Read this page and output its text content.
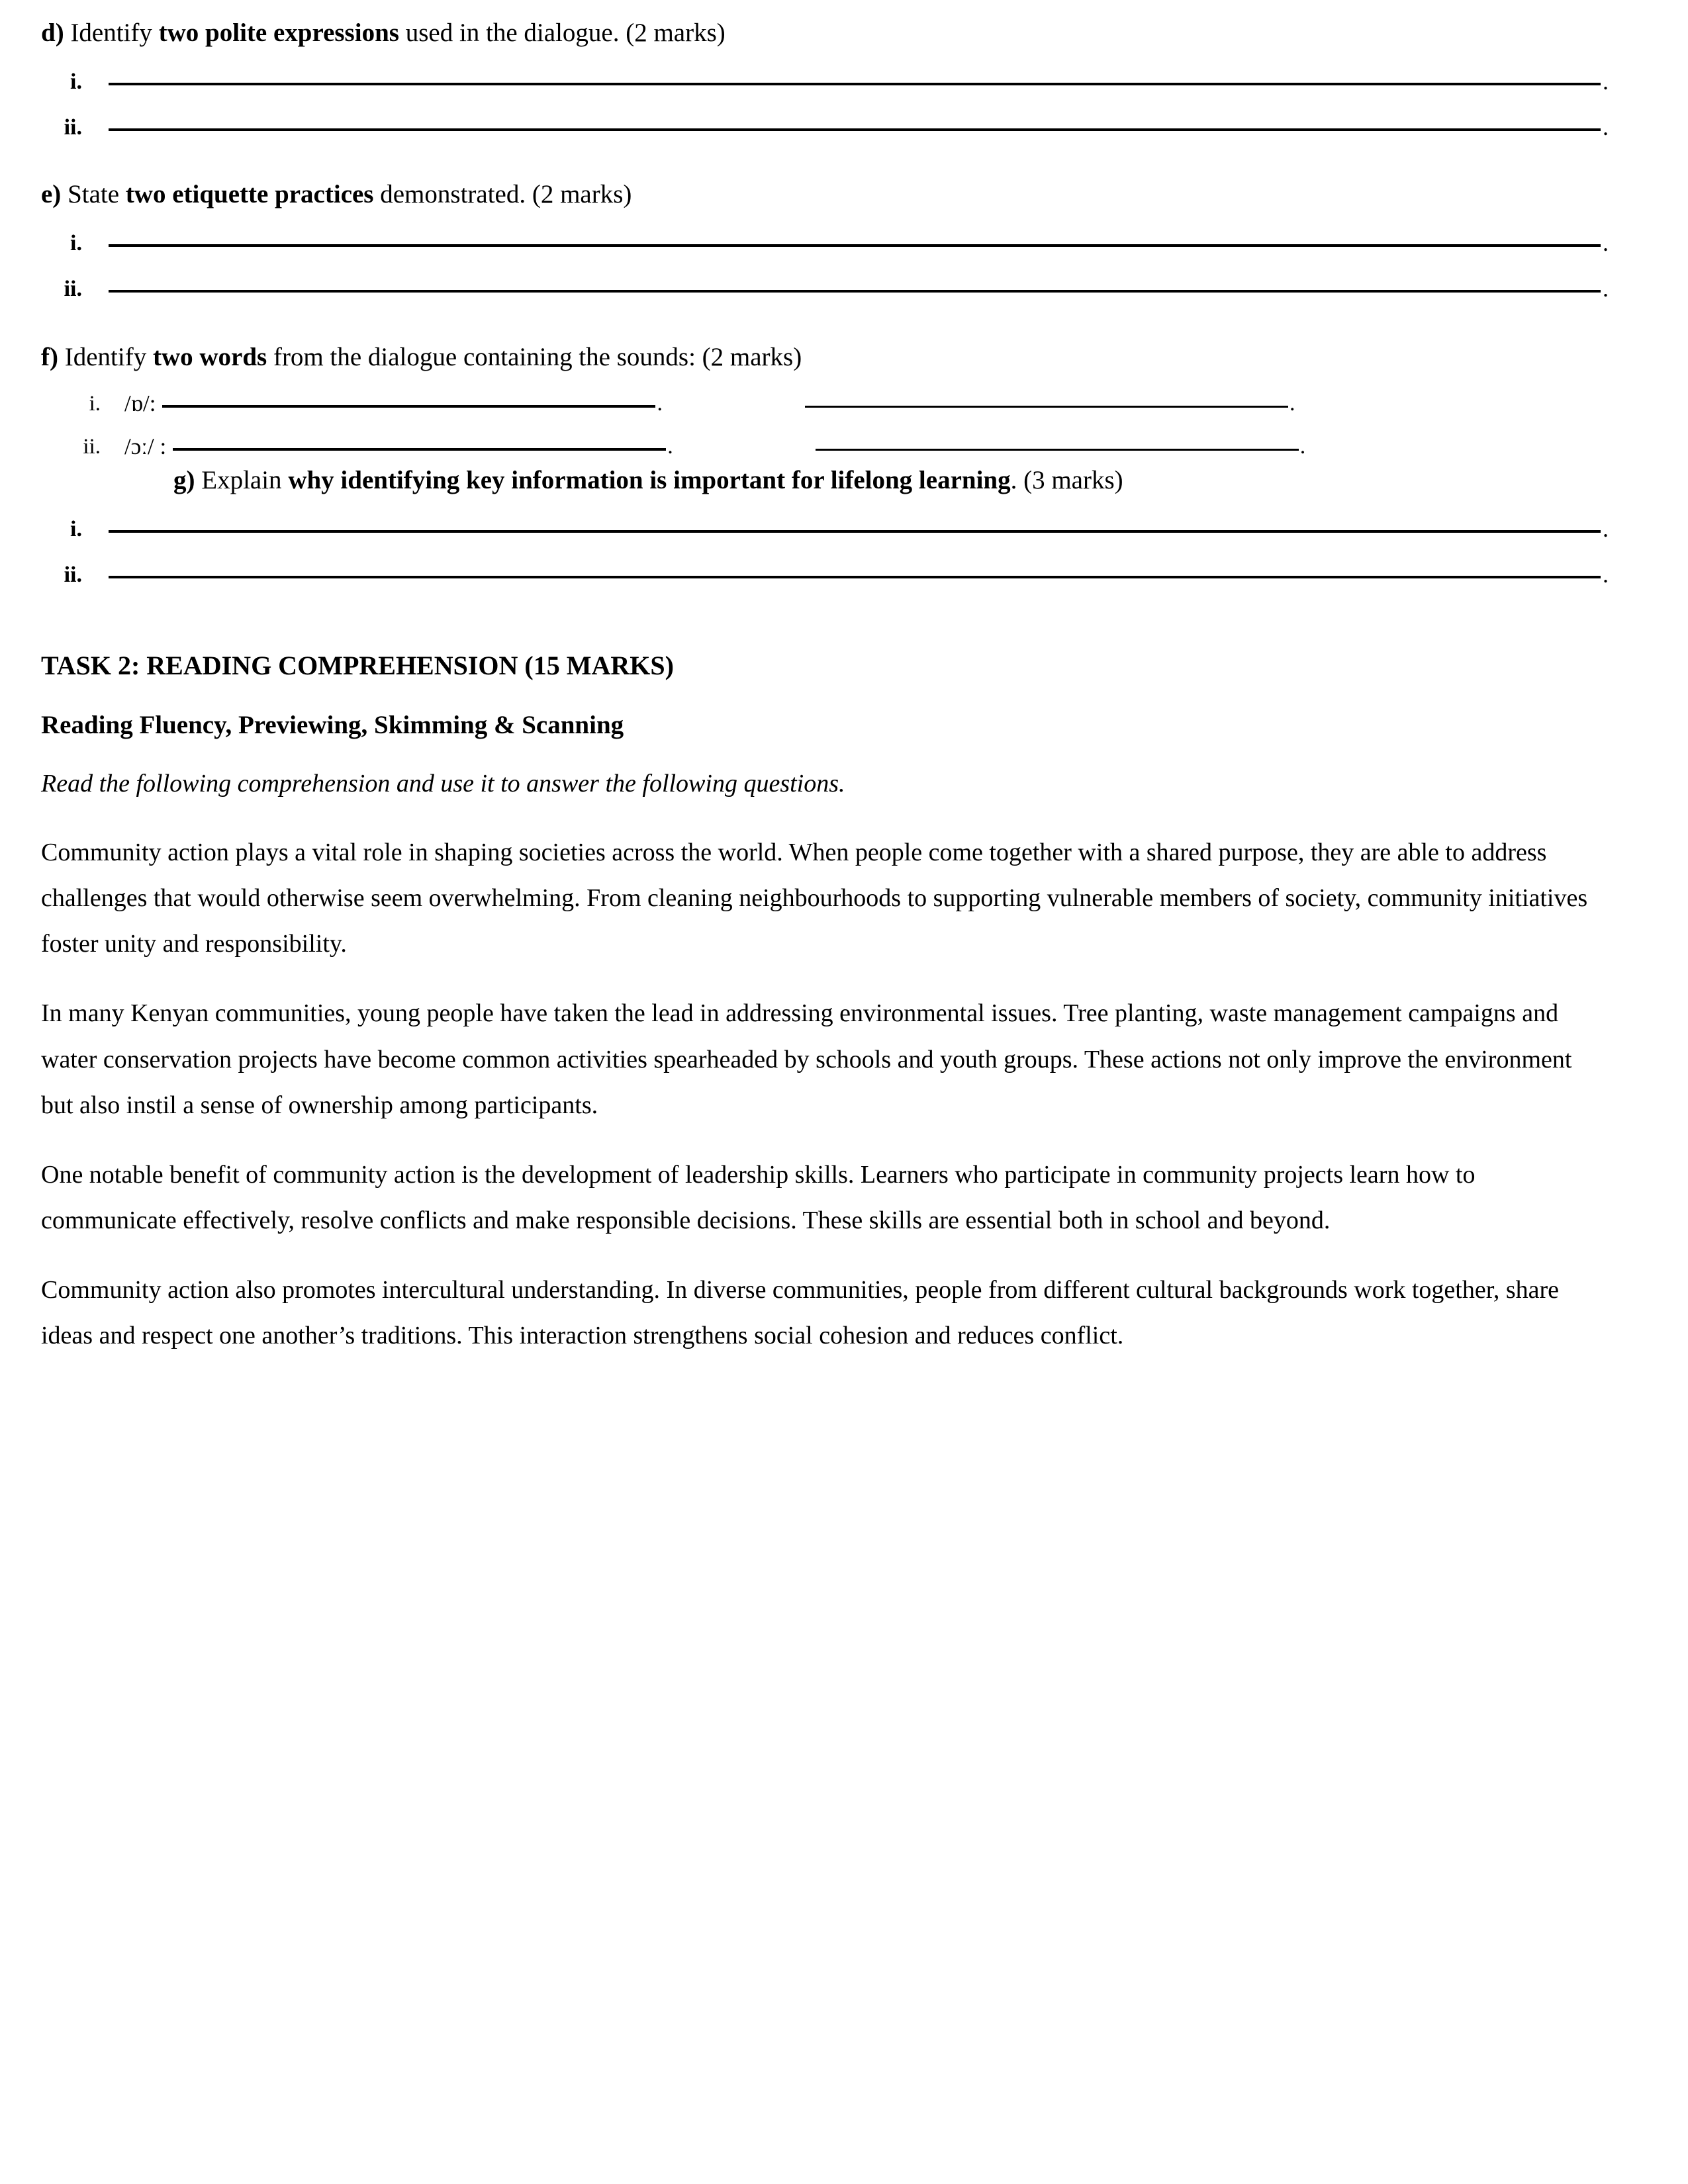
d) Identify two polite expressions used in the dialogue. (2 marks)

i.	.
ii.	.

e) State two etiquette practices demonstrated. (2 marks)

i.	.
ii.	.

f) Identify two words from the dialogue containing the sounds: (2 marks)

i.	/ɒ/:	.	.
ii.	/ɔː/ :	.	.

g) Explain why identifying key information is important for lifelong learning. (3 marks)

i.	.
ii.	.

TASK 2: READING COMPREHENSION (15 MARKS)

Reading Fluency, Previewing, Skimming & Scanning

Read the following comprehension and use it to answer the following questions.

Community action plays a vital role in shaping societies across the world. When people come together with a shared purpose, they are able to address challenges that would otherwise seem overwhelming. From cleaning neighbourhoods to supporting vulnerable members of society, community initiatives foster unity and responsibility.

In many Kenyan communities, young people have taken the lead in addressing environmental issues. Tree planting, waste management campaigns and water conservation projects have become common activities spearheaded by schools and youth groups. These actions not only improve the environment but also instil a sense of ownership among participants.

One notable benefit of community action is the development of leadership skills. Learners who participate in community projects learn how to communicate effectively, resolve conflicts and make responsible decisions. These skills are essential both in school and beyond.

Community action also promotes intercultural understanding. In diverse communities, people from different cultural backgrounds work together, share ideas and respect one another’s traditions. This interaction strengthens social cohesion and reduces conflict.
